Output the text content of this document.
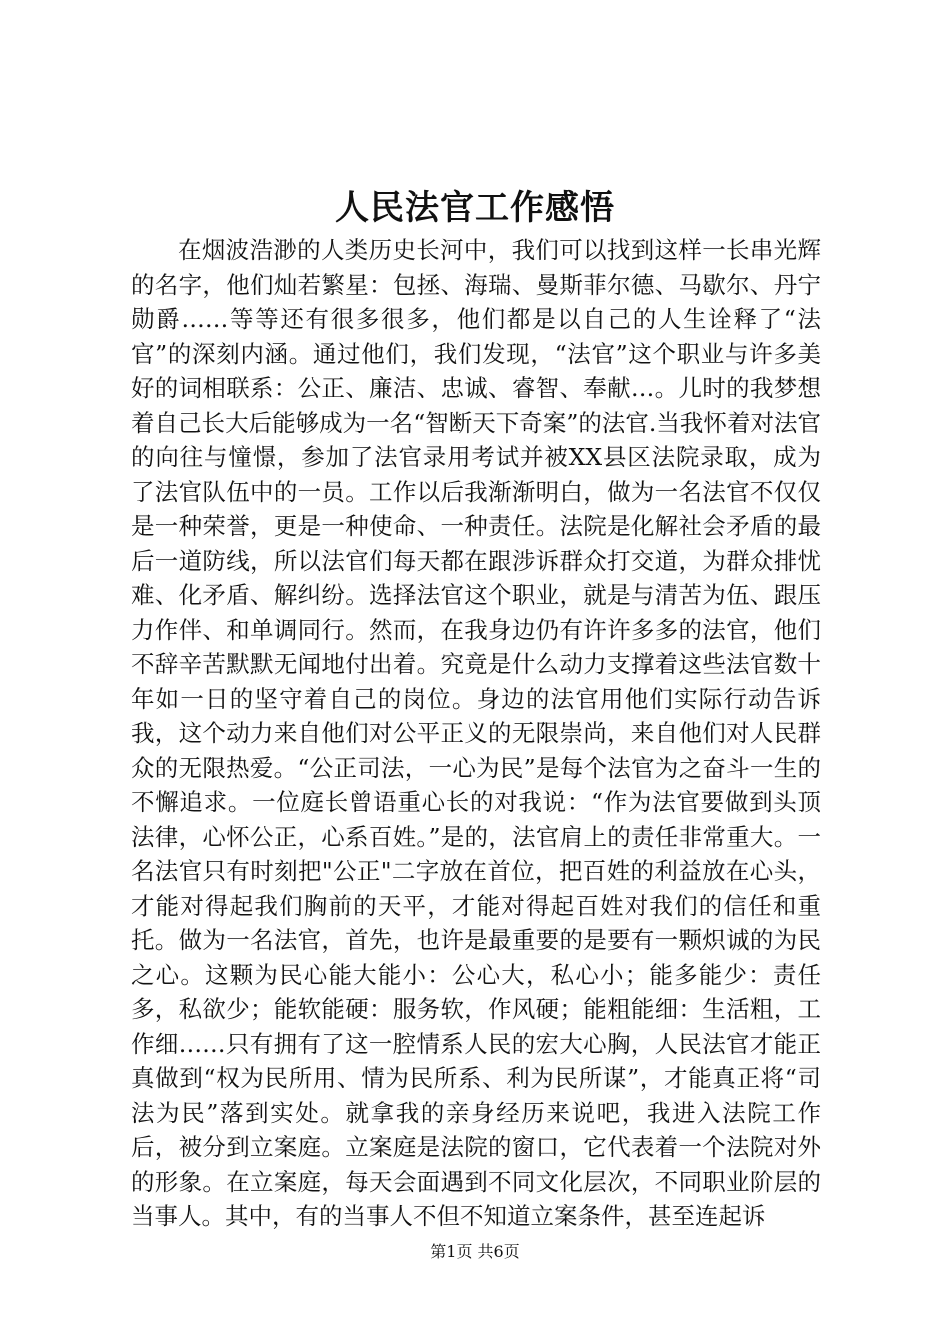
人民法官工作感悟

在烟波浩渺的人类历史长河中，我们可以找到这样一长串光辉的名字，他们灿若繁星：包拯、海瑞、曼斯菲尔德、马歇尔、丹宁勋爵……等等还有很多很多，他们都是以自己的人生诠释了“法官”的深刻内涵。通过他们，我们发现，“法官”这个职业与许多美好的词相联系：公正、廉洁、忠诚、睿智、奉献…。儿时的我梦想着自己长大后能够成为一名“智断天下奇案”的法官.当我怀着对法官的向往与憧憬，参加了法官录用考试并被XX县区法院录取，成为了法官队伍中的一员。工作以后我渐渐明白，做为一名法官不仅仅是一种荣誉，更是一种使命、一种责任。法院是化解社会矛盾的最后一道防线，所以法官们每天都在跟涉诉群众打交道，为群众排忧难、化矛盾、解纠纷。选择法官这个职业，就是与清苦为伍、跟压力作伴、和单调同行。然而，在我身边仍有许许多多的法官，他们不辞辛苦默默无闻地付出着。究竟是什么动力支撑着这些法官数十年如一日的坚守着自己的岗位。身边的法官用他们实际行动告诉我，这个动力来自他们对公平正义的无限崇尚，来自他们对人民群众的无限热爱。“公正司法，一心为民”是每个法官为之奋斗一生的不懈追求。一位庭长曾语重心长的对我说：“作为法官要做到头顶法律，心怀公正，心系百姓。”是的，法官肩上的责任非常重大。一名法官只有时刻把"公正"二字放在首位，把百姓的利益放在心头，才能对得起我们胸前的天平，才能对得起百姓对我们的信任和重托。做为一名法官，首先，也许是最重要的是要有一颗炽诚的为民之心。这颗为民心能大能小：公心大，私心小；能多能少：责任多，私欲少；能软能硬：服务软，作风硬；能粗能细：生活粗，工作细……只有拥有了这一腔情系人民的宏大心胸，人民法官才能正真做到“权为民所用、情为民所系、利为民所谋”，才能真正将“司法为民”落到实处。就拿我的亲身经历来说吧，我进入法院工作后，被分到立案庭。立案庭是法院的窗口，它代表着一个法院对外的形象。在立案庭，每天会面遇到不同文化层次，不同职业阶层的当事人。其中，有的当事人不但不知道立案条件，甚至连起诉

第1页 共6页
